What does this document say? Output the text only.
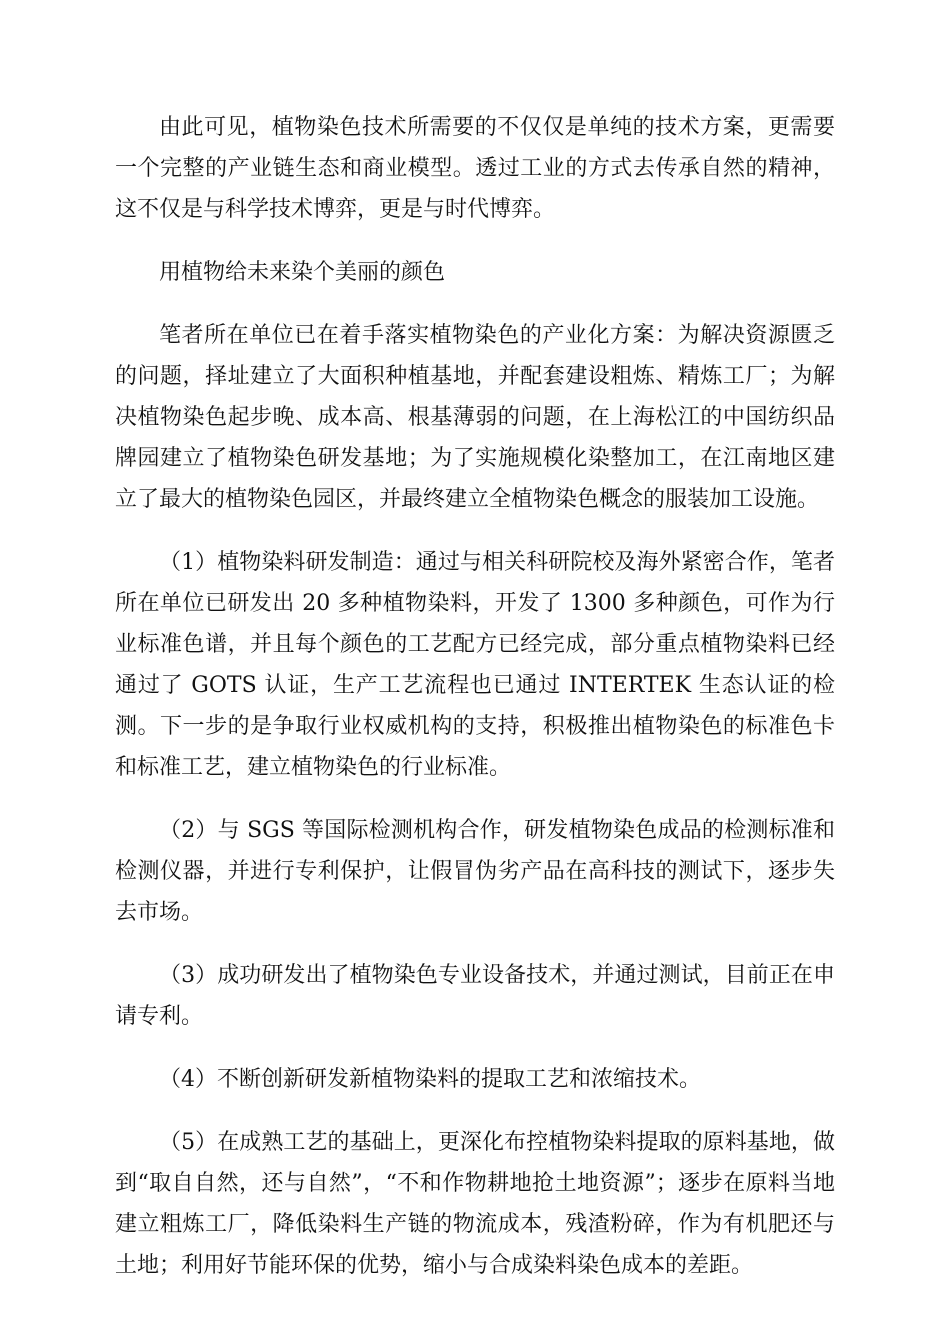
由此可见，植物染色技术所需要的不仅仅是单纯的技术方案，更需要一个完整的产业链生态和商业模型。透过工业的方式去传承自然的精神，这不仅是与科学技术博弈，更是与时代博弈。

用植物给未来染个美丽的颜色

笔者所在单位已在着手落实植物染色的产业化方案：为解决资源匮乏的问题，择址建立了大面积种植基地，并配套建设粗炼、精炼工厂；为解决植物染色起步晚、成本高、根基薄弱的问题，在上海松江的中国纺织品牌园建立了植物染色研发基地；为了实施规模化染整加工，在江南地区建立了最大的植物染色园区，并最终建立全植物染色概念的服装加工设施。

（1）植物染料研发制造：通过与相关科研院校及海外紧密合作，笔者所在单位已研发出 20 多种植物染料，开发了 1300 多种颜色，可作为行业标准色谱，并且每个颜色的工艺配方已经完成，部分重点植物染料已经通过了 GOTS 认证，生产工艺流程也已通过 INTERTEK 生态认证的检测。下一步的是争取行业权威机构的支持，积极推出植物染色的标准色卡和标准工艺，建立植物染色的行业标准。

（2）与 SGS 等国际检测机构合作，研发植物染色成品的检测标准和检测仪器，并进行专利保护，让假冒伪劣产品在高科技的测试下，逐步失去市场。

（3）成功研发出了植物染色专业设备技术，并通过测试，目前正在申请专利。

（4）不断创新研发新植物染料的提取工艺和浓缩技术。

（5）在成熟工艺的基础上，更深化布控植物染料提取的原料基地，做到“取自自然，还与自然”，“不和作物耕地抢土地资源”；逐步在原料当地建立粗炼工厂，降低染料生产链的物流成本，残渣粉碎，作为有机肥还与土地；利用好节能环保的优势，缩小与合成染料染色成本的差距。
